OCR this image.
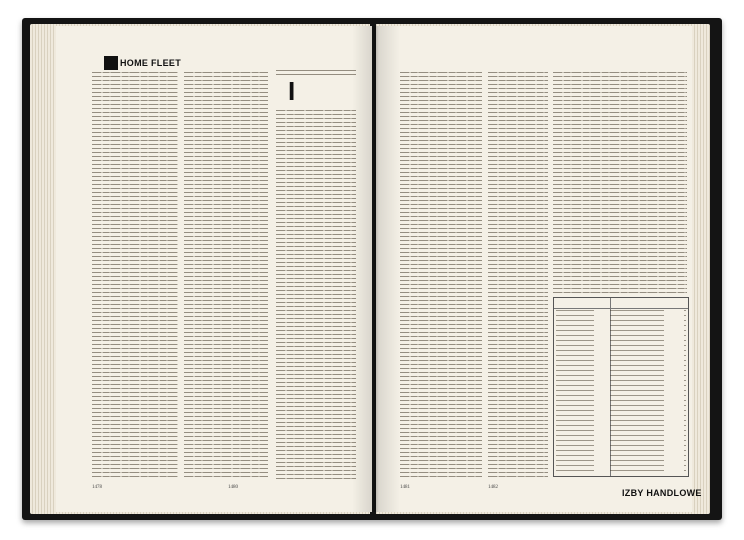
HOME FLEET
I
1478	1480	1481	1482
IZBY HANDLOWE
